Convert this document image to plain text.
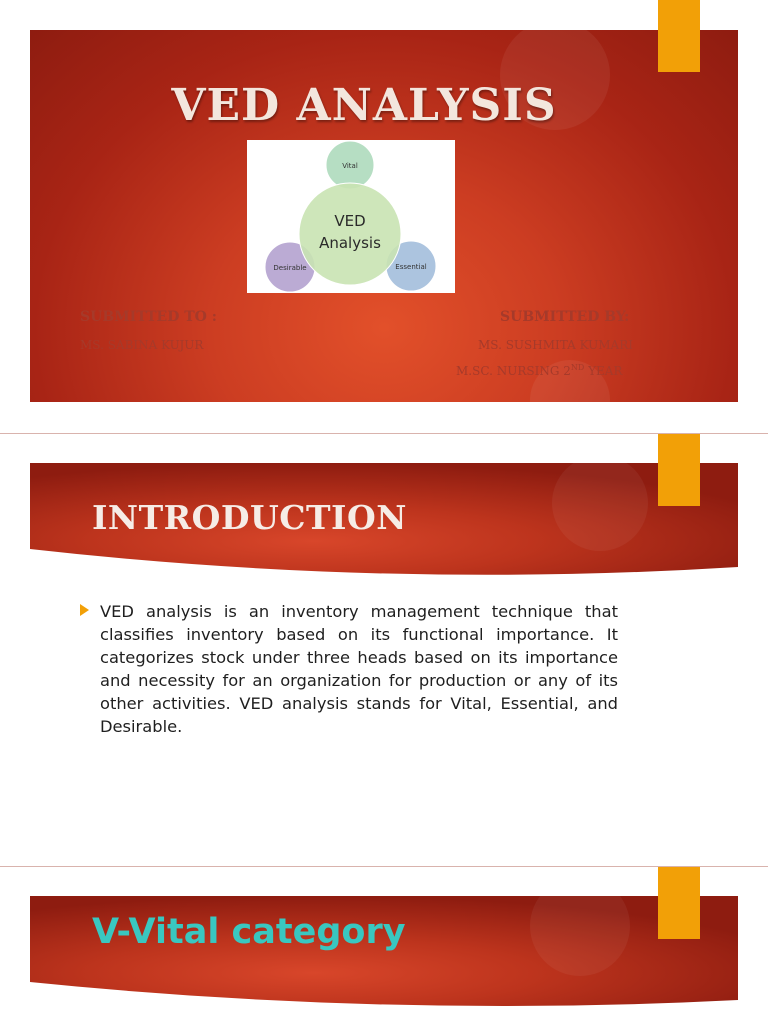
VED ANALYSIS
Vital
VED
Analysis
Desirable	Essential
SUBMITTED TO :
MS. SABINA KUJUR
SUBMITTED BY:
MS. SUSHMITA KUMARI
M.SC. NURSING 2ND YEAR
INTRODUCTION
VED analysis is an inventory management technique that classifies inventory based on its functional importance. It categorizes stock under three heads based on its importance and necessity for an organization for production or any of its other activities. VED analysis stands for Vital, Essential, and Desirable.
V-Vital category
